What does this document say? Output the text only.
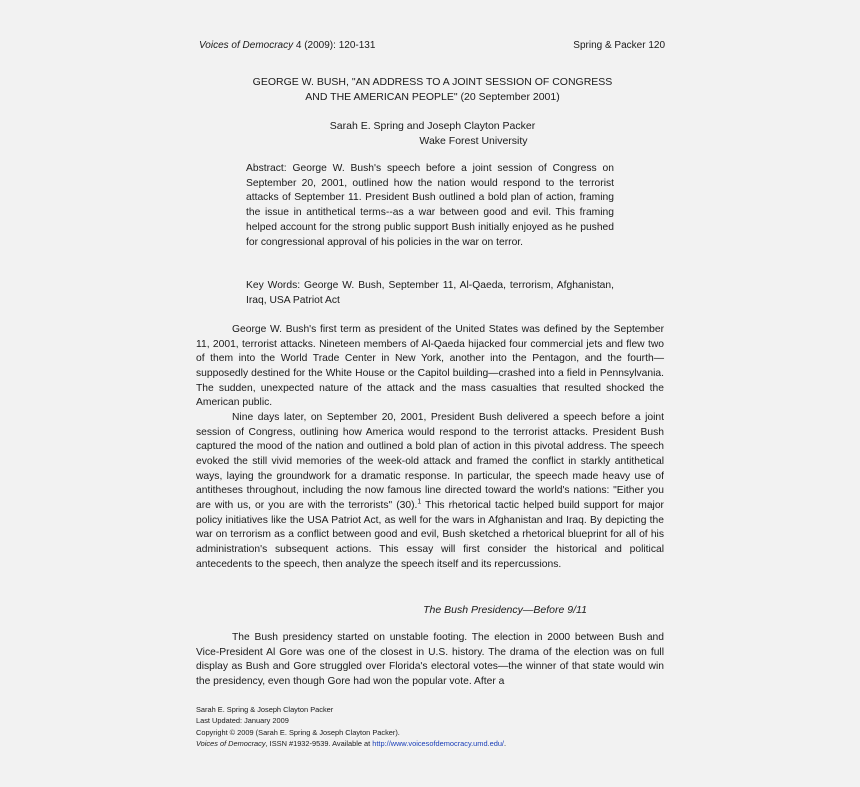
Voices of Democracy 4 (2009): 120-131	Spring & Packer 120
GEORGE W. BUSH, "AN ADDRESS TO A JOINT SESSION OF CONGRESS
AND THE AMERICAN PEOPLE" (20 September 2001)
Sarah E. Spring and Joseph Clayton Packer
Wake Forest University
Abstract: George W. Bush's speech before a joint session of Congress on September 20, 2001, outlined how the nation would respond to the terrorist attacks of September 11. President Bush outlined a bold plan of action, framing the issue in antithetical terms--as a war between good and evil. This framing helped account for the strong public support Bush initially enjoyed as he pushed for congressional approval of his policies in the war on terror.
Key Words: George W. Bush, September 11, Al-Qaeda, terrorism, Afghanistan, Iraq, USA Patriot Act

George W. Bush's first term as president of the United States was defined by the September 11, 2001, terrorist attacks. Nineteen members of Al-Qaeda hijacked four commercial jets and flew two of them into the World Trade Center in New York, another into the Pentagon, and the fourth—supposedly destined for the White House or the Capitol building—crashed into a field in Pennsylvania. The sudden, unexpected nature of the attack and the mass casualties that resulted shocked the American public.

Nine days later, on September 20, 2001, President Bush delivered a speech before a joint session of Congress, outlining how America would respond to the terrorist attacks. President Bush captured the mood of the nation and outlined a bold plan of action in this pivotal address. The speech evoked the still vivid memories of the week-old attack and framed the conflict in starkly antithetical ways, laying the groundwork for a dramatic response. In particular, the speech made heavy use of antitheses throughout, including the now famous line directed toward the world's nations: "Either you are with us, or you are with the terrorists" (30).$^1$ This rhetorical tactic helped build support for major policy initiatives like the USA Patriot Act, as well for the wars in Afghanistan and Iraq. By depicting the war on terrorism as a conflict between good and evil, Bush sketched a rhetorical blueprint for all of his administration's subsequent actions. This essay will first consider the historical and political antecedents to the speech, then analyze the speech itself and its repercussions.

The Bush Presidency—Before 9/11

The Bush presidency started on unstable footing. The election in 2000 between Bush and Vice-President Al Gore was one of the closest in U.S. history. The drama of the election was on full display as Bush and Gore struggled over Florida's electoral votes—the winner of that state would win the presidency, even though Gore had won the popular vote. After a

Sarah E. Spring & Joseph Clayton Packer
Last Updated: January 2009
Copyright © 2009 (Sarah E. Spring & Joseph Clayton Packer).
Voices of Democracy, ISSN #1932-9539. Available at http://www.voicesofdemocracy.umd.edu/.
